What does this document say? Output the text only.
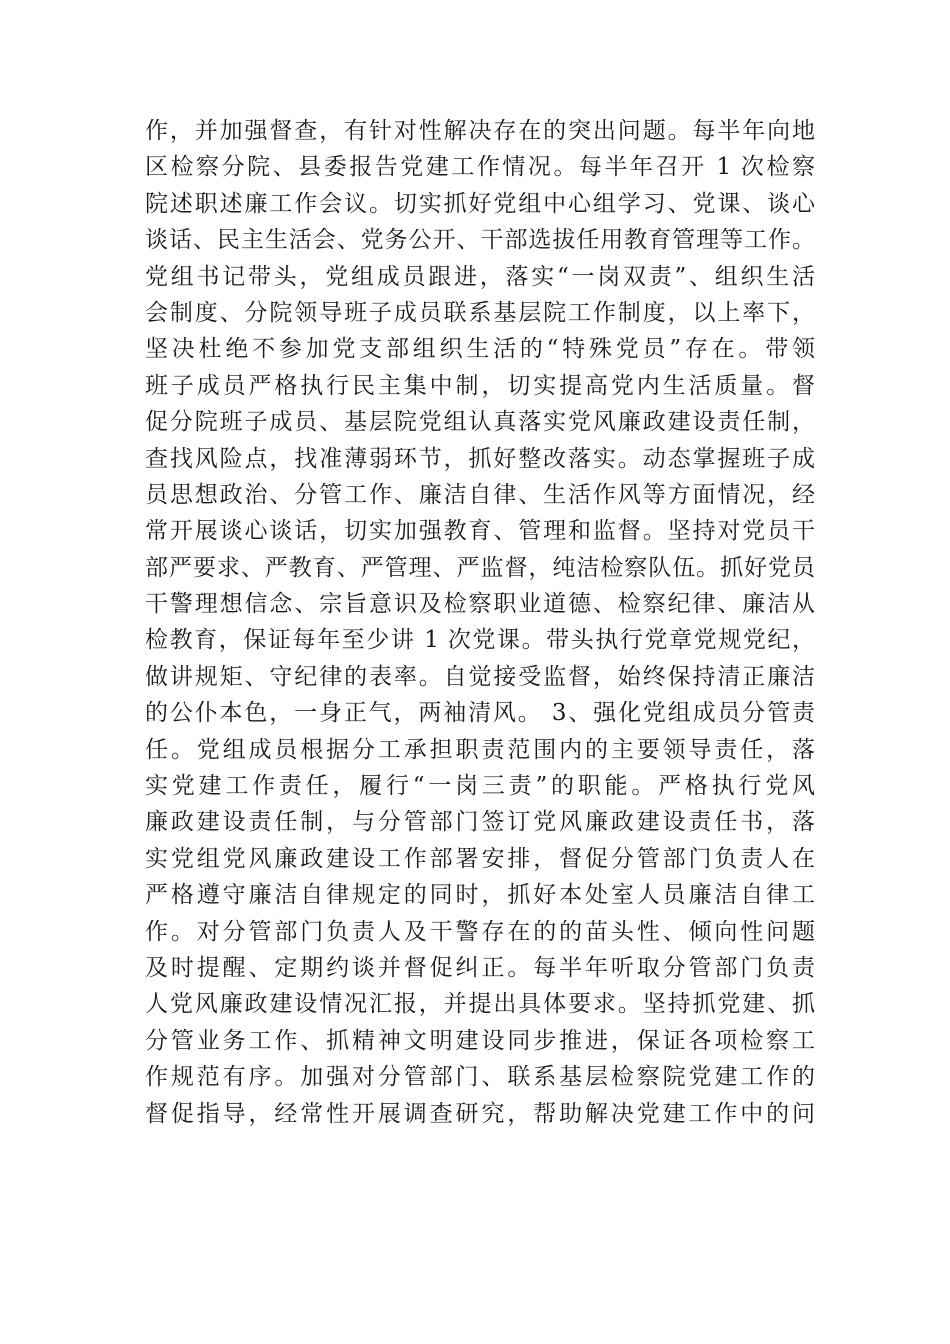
作，并加强督查，有针对性解决存在的突出问题。每半年向地
区检察分院、县委报告党建工作情况。每半年召开 1 次检察
院述职述廉工作会议。切实抓好党组中心组学习、党课、谈心
谈话、民主生活会、党务公开、干部选拔任用教育管理等工作。
党组书记带头，党组成员跟进，落实“一岗双责”、组织生活
会制度、分院领导班子成员联系基层院工作制度，以上率下，
坚决杜绝不参加党支部组织生活的“特殊党员”存在。带领
班子成员严格执行民主集中制，切实提高党内生活质量。督
促分院班子成员、基层院党组认真落实党风廉政建设责任制，
查找风险点，找准薄弱环节，抓好整改落实。动态掌握班子成
员思想政治、分管工作、廉洁自律、生活作风等方面情况，经
常开展谈心谈话，切实加强教育、管理和监督。坚持对党员干
部严要求、严教育、严管理、严监督，纯洁检察队伍。抓好党员
干警理想信念、宗旨意识及检察职业道德、检察纪律、廉洁从
检教育，保证每年至少讲 1 次党课。带头执行党章党规党纪，
做讲规矩、守纪律的表率。自觉接受监督，始终保持清正廉洁
的公仆本色，一身正气，两袖清风。 3、强化党组成员分管责
任。党组成员根据分工承担职责范围内的主要领导责任，落
实党建工作责任，履行“一岗三责”的职能。严格执行党风
廉政建设责任制，与分管部门签订党风廉政建设责任书，落
实党组党风廉政建设工作部署安排，督促分管部门负责人在
严格遵守廉洁自律规定的同时，抓好本处室人员廉洁自律工
作。对分管部门负责人及干警存在的的苗头性、倾向性问题
及时提醒、定期约谈并督促纠正。每半年听取分管部门负责
人党风廉政建设情况汇报，并提出具体要求。坚持抓党建、抓
分管业务工作、抓精神文明建设同步推进，保证各项检察工
作规范有序。加强对分管部门、联系基层检察院党建工作的
督促指导，经常性开展调查研究，帮助解决党建工作中的问
